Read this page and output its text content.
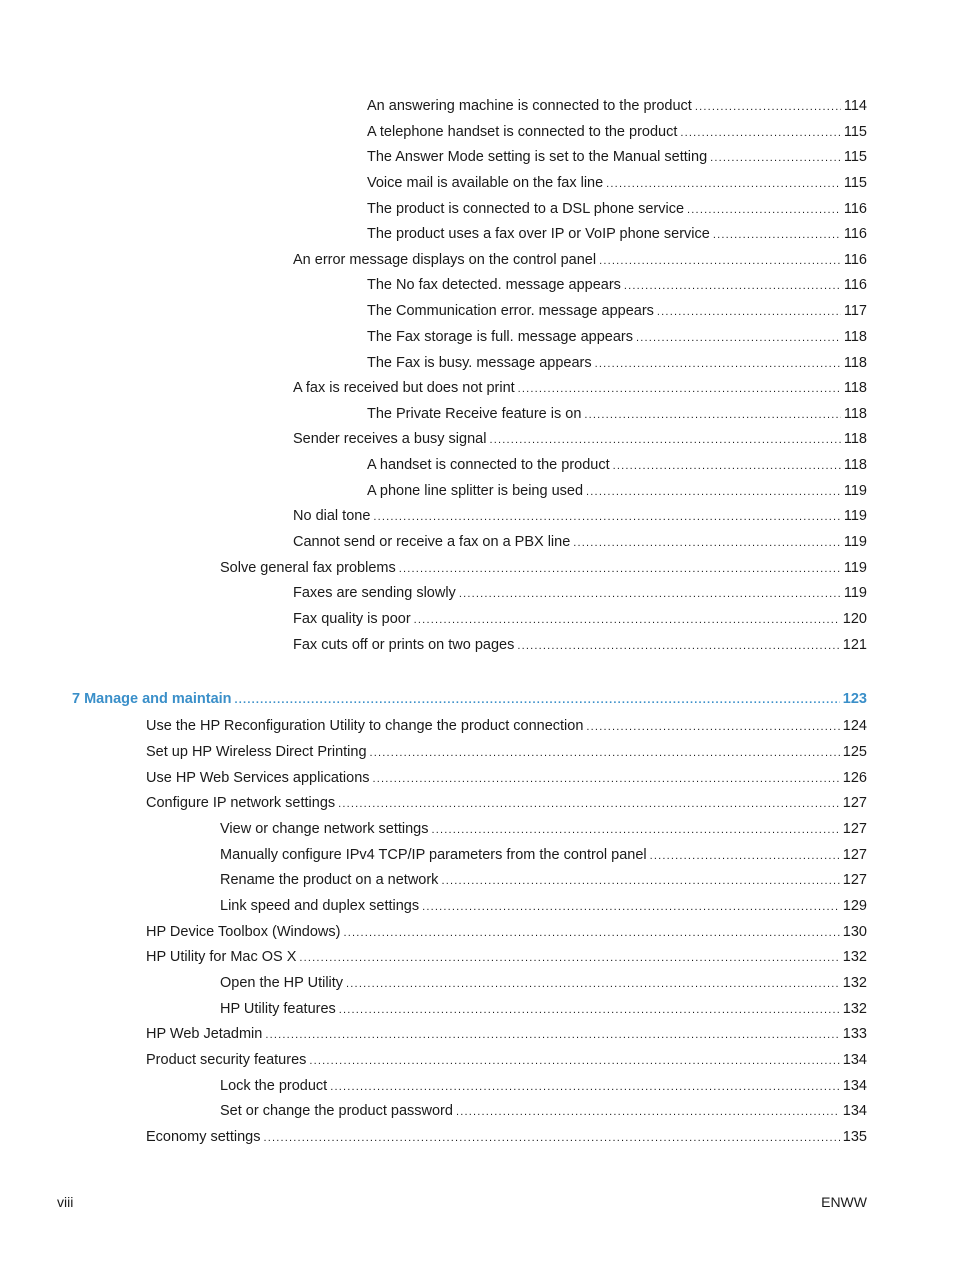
An answering machine is connected to the product .....	114
A telephone handset is connected to the product .....	115
The Answer Mode setting is set to the Manual setting .....	115
Voice mail is available on the fax line .....	115
The product is connected to a DSL phone service .....	116
The product uses a fax over IP or VoIP phone service .....	116
An error message displays on the control panel .....	116
The No fax detected. message appears .....	116
The Communication error. message appears .....	117
The Fax storage is full. message appears .....	118
The Fax is busy. message appears .....	118
A fax is received but does not print .....	118
The Private Receive feature is on .....	118
Sender receives a busy signal .....	118
A handset is connected to the product .....	118
A phone line splitter is being used .....	119
No dial tone .....	119
Cannot send or receive a fax on a PBX line .....	119
Solve general fax problems .....	119
Faxes are sending slowly .....	119
Fax quality is poor .....	120
Fax cuts off or prints on two pages .....	121
7 Manage and maintain .....	123
Use the HP Reconfiguration Utility to change the product connection .....	124
Set up HP Wireless Direct Printing .....	125
Use HP Web Services applications .....	126
Configure IP network settings .....	127
View or change network settings .....	127
Manually configure IPv4 TCP/IP parameters from the control panel .....	127
Rename the product on a network .....	127
Link speed and duplex settings .....	129
HP Device Toolbox (Windows) .....	130
HP Utility for Mac OS X .....	132
Open the HP Utility .....	132
HP Utility features .....	132
HP Web Jetadmin .....	133
Product security features .....	134
Lock the product .....	134
Set or change the product password .....	134
Economy settings .....	135
viii	ENWW
